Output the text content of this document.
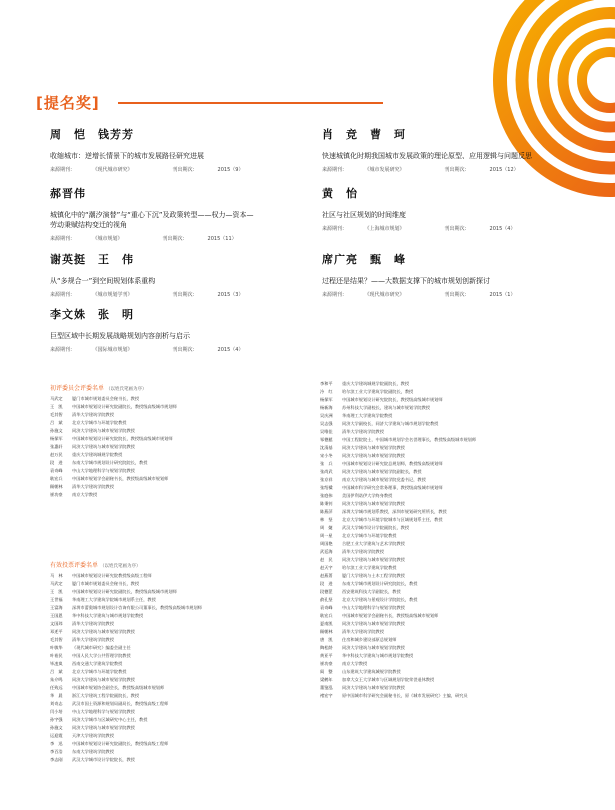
[提名奖]
周　恺　钱芳芳
收缩城市：逆增长情景下的城市发展路径研究进展
来源期刊：	《现代城市研究》	刊出期次：	2015（9）
郝晋伟
城镇化中的“潮汐演替”与“重心下沉”及政策转型——权力—资本—劳动秉赋结构变迁的视角
来源期刊：	《城市规划》	刊出期次：	2015（11）
谢英挺　王　伟
从“多规合一”到空间规划体系重构
来源期刊：	《城市规划学刊》	刊出期次：	2015（3）
李文姝　张　明
巨型区域中长期发展战略规划内容剖析与启示
来源期刊：	《国际城市规划》	刊出期次：	2015（4）
肖　竞　曹　珂
快速城镇化时期我国城市发展政策的理论原型、应用逻辑与问题反思
来源期刊：	《城市发展研究》	刊出期次：	2015（12）
黄　怡
社区与社区规划的时间维度
来源期刊：	《上海城市规划》	刊出期次：	2015（4）
席广亮　甄　峰
过程还是结果？——大数据支撑下的城市规划创新探讨
来源期刊：	《现代城市研究》	刊出期次：	2015（1）
初评委员会评委名单 （以姓氏笔画为序）
马武定 厦门市城市规划委员会秘书长，教授
王　凯 中国城市规划设计研究院副院长，教授级高级城市规划师
毛其智 清华大学建筑学院教授
吕　斌 北京大学城市与环境学院教授
孙施文 同济大学建筑与城市规划学院教授
杨保军 中国城市规划设计研究院院长，教授级高级城市规划师
张惠轩 同济大学建筑与城市规划学院教授
赵万民 重庆大学建筑城规学院教授
段　进 东南大学城市规划设计研究院院长，教授
袁奇峰 中山大学地理科学与规划学院教授
耿宏兵 中国城市规划学会副秘书长，教授级高级城市规划师
顾朝林 清华大学建筑学院教授
崔功豪 南京大学教授
有效投票评委名单 （以姓氏笔画为序）
马　林 中国城市规划设计研究院教授级高级工程师
马武定 厦门市城市规划委员会秘书长，教授
王　凯 中国城市规划设计研究院副院长，教授级高级城市规划师
王世福 华南理工大学建筑学院城市规划系主任，教授
王富海 深圳市蕾奥城市规划设计咨询有限公司董事长，教授级高级城市规划师
王国恩 华中科技大学建筑与城市规划学院教授
文国玮 清华大学建筑学院教授
邓述平 同济大学建筑与城市规划学院教授
毛其智 清华大学建筑学院教授
叶敏华 《现代城市研究》编委会副主任
叶裕民 中国人民大学公共管理学院教授
毕凌岚 西南交通大学建筑学院教授
吕　斌 北京大学城市与环境学院教授
朱介鸣 同济大学建筑与城市规划学院教授
任致远 中国城市规划协会副会长，教授级高级城市规划师
华　晨 浙江大学建筑工程学院副院长，教授
刘奇志 武汉市国土资源和规划局副局长，教授级高级工程师
闫小培 中山大学地理科学与规划学院教授
孙宇强 同济大学城市与区域研究中心主任，教授
孙施文 同济大学建筑与城市规划学院教授
运迎霞 天津大学建筑学院教授
李　迅 中国城市规划设计研究院副院长，教授级高级工程师
李百浩 东南大学建筑学院教授
李志刚 武汉大学城市设计学院院长，教授
李和平 重庆大学建筑城规学院副院长，教授
冷　红 哈尔滨工业大学建筑学院副院长，教授
杨保军 中国城市规划设计研究院院长，教授级高级城市规划师
杨新海 苏州科技大学副校长，建筑与城市规划学院教授
吴庆洲 华南理工大学建筑学院教授
吴志强 同济大学副校长，同济大学建筑与城市规划学院教授
吴唯佳 清华大学建筑学院教授
邹德慈 中国工程院院士，中国城市规划学会名誉理事长，教授级高级城市规划师
沈清基 同济大学建筑与城市规划学院教授
宋小冬 同济大学建筑与城市规划学院教授
张　兵 中国城市规划设计研究院总规划师，教授级高级规划师
张尚武 同济大学建筑与城市规划学院副院长，教授
张京祥 南京大学建筑与城市规划学院党委书记，教授
张绍樑 中国城市科学研究会常务理事，教授级高级城市规划师
张庭伟 美国伊利诺伊大学终身教授
陈秉钊 同济大学建筑与城市规划学院教授
陈燕萍 深圳大学城市规划系教授，深圳市规划研究所所长，教授
林　坚 北京大学城市与环境学院城市与区域规划系主任，教授
周　婕 武汉大学城市设计学院副院长，教授
周一星 北京大学城市与环境学院教授
周国艳 合肥工业大学建筑与艺术学院教授
武廷海 清华大学建筑学院教授
赵　民 同济大学建筑与城市规划学院教授
赵天宇 哈尔滨工业大学建筑学院教授
赵燕菁 厦门大学建筑与土木工程学院教授
段　进 东南大学城市规划设计研究院院长，教授
段德罡 西安建筑科技大学副院长，教授
俞孔坚 北京大学建筑与景观设计学院院长，教授
袁奇峰 中山大学地理科学与规划学院教授
耿宏兵 中国城市规划学会副秘书长，教授级高级城市规划师
夏南凯 同济大学建筑与城市规划学院教授
顾朝林 清华大学建筑学院教授
唐　凯 住房和城乡建设部原总规划师
陶松龄 同济大学建筑与城市规划学院教授
黄亚平 华中科技大学建筑与城市规划学院教授
崔功豪 南京大学教授
阎　整 山东建筑大学建筑城规学院教授
梁鹤年 加拿大女王大学城市与区域规划学院荣誉退休教授
董鉴泓 同济大学建筑与城市规划学院教授
褚宏宇 原中国城市科学研究会副秘书长，原《城市发展研究》主编，研究员
